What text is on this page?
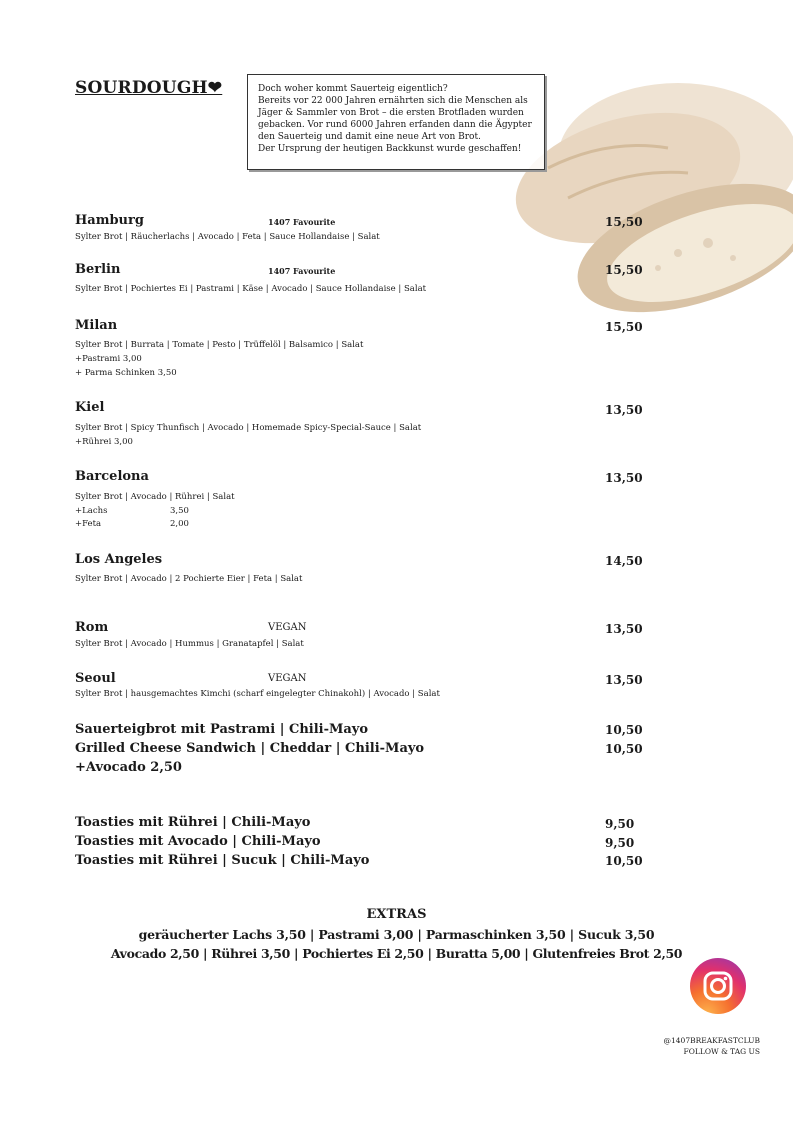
SOURDOUGH❤	Doch woher kommt Sauerteig eigentlich?
Bereits vor 22 000 Jahren ernährten sich die Menschen als
Jäger & Sammler von Brot – die ersten Brotfladen wurden
gebacken. Vor rund 6000 Jahren erfanden dann die Ägypter
den Sauerteig und damit eine neue Art von Brot.
Der Ursprung der heutigen Backkunst wurde geschaffen!
Hamburg	1407 Favourite	15,50
Sylter Brot | Räucherlachs | Avocado | Feta | Sauce Hollandaise | Salat
Berlin	1407 Favourite	15,50
Sylter Brot | Pochiertes Ei | Pastrami | Käse | Avocado | Sauce Hollandaise | Salat
Milan	15,50
Sylter Brot | Burrata | Tomate | Pesto | Trüffelöl | Balsamico | Salat
+Pastrami 3,00
+ Parma Schinken 3,50
Kiel	13,50
Sylter Brot | Spicy Thunfisch | Avocado | Homemade Spicy-Special-Sauce | Salat
+Rührei 3,00
Barcelona	13,50
Sylter Brot | Avocado | Rührei | Salat
+Lachs	3,50
+Feta	2,00
Los Angeles	14,50
Sylter Brot | Avocado | 2 Pochierte Eier | Feta | Salat
Rom	VEGAN	13,50
Sylter Brot | Avocado | Hummus | Granatapfel | Salat
Seoul	VEGAN	13,50
Sylter Brot | hausgemachtes Kimchi (scharf eingelegter Chinakohl) | Avocado | Salat
Sauerteigbrot mit Pastrami | Chili-Mayo	10,50
Grilled Cheese Sandwich | Cheddar | Chili-Mayo	10,50
+Avocado 2,50
Toasties mit Rührei | Chili-Mayo	9,50
Toasties mit Avocado | Chili-Mayo	9,50
Toasties mit Rührei | Sucuk | Chili-Mayo	10,50
EXTRAS
geräucherter Lachs 3,50 | Pastrami 3,00 | Parmaschinken 3,50 | Sucuk 3,50
Avocado 2,50 | Rührei 3,50 | Pochiertes Ei 2,50 | Buratta 5,00 | Glutenfreies Brot 2,50
@1407BREAKFASTCLUB
FOLLOW & TAG US
